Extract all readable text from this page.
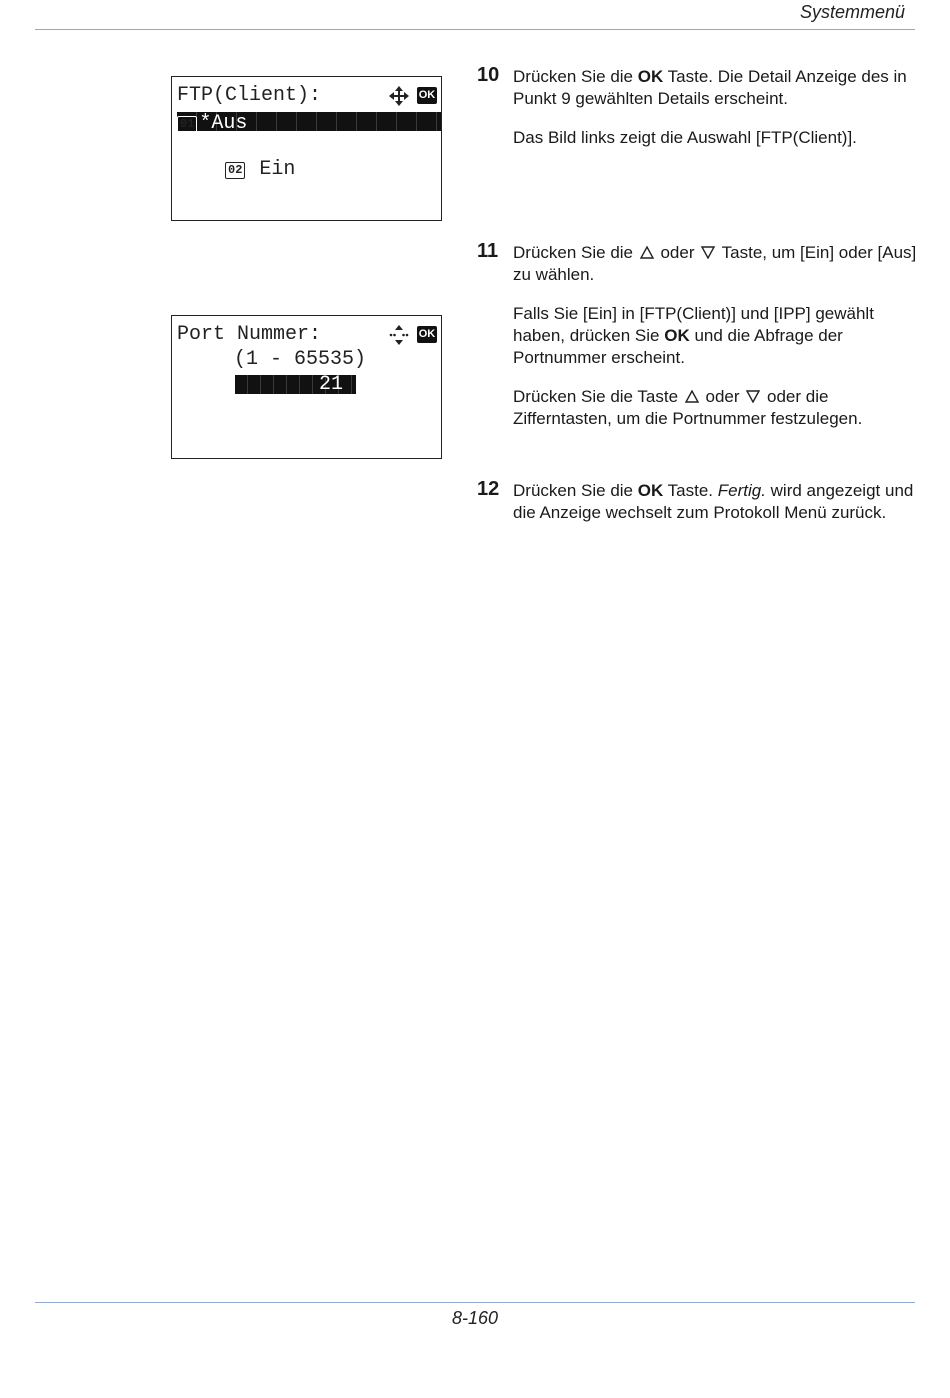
Systemmenü
FTP(Client):	OK
01 *Aus

02 Ein

Port Nummer:	OK
(1 - 65535)
21
10 Drücken Sie die OK Taste. Die Detail Anzeige des in Punkt 9 gewählten Details erscheint.

Das Bild links zeigt die Auswahl [FTP(Client)].

11 Drücken Sie die  oder  Taste, um [Ein] oder [Aus] zu wählen.

Falls Sie [Ein] in [FTP(Client)] und [IPP] gewählt haben, drücken Sie OK und die Abfrage der Portnummer erscheint.

Drücken Sie die Taste  oder  oder die Zifferntasten, um die Portnummer festzulegen.

12 Drücken Sie die OK Taste. Fertig. wird angezeigt und die Anzeige wechselt zum Protokoll Menü zurück.

8-160
